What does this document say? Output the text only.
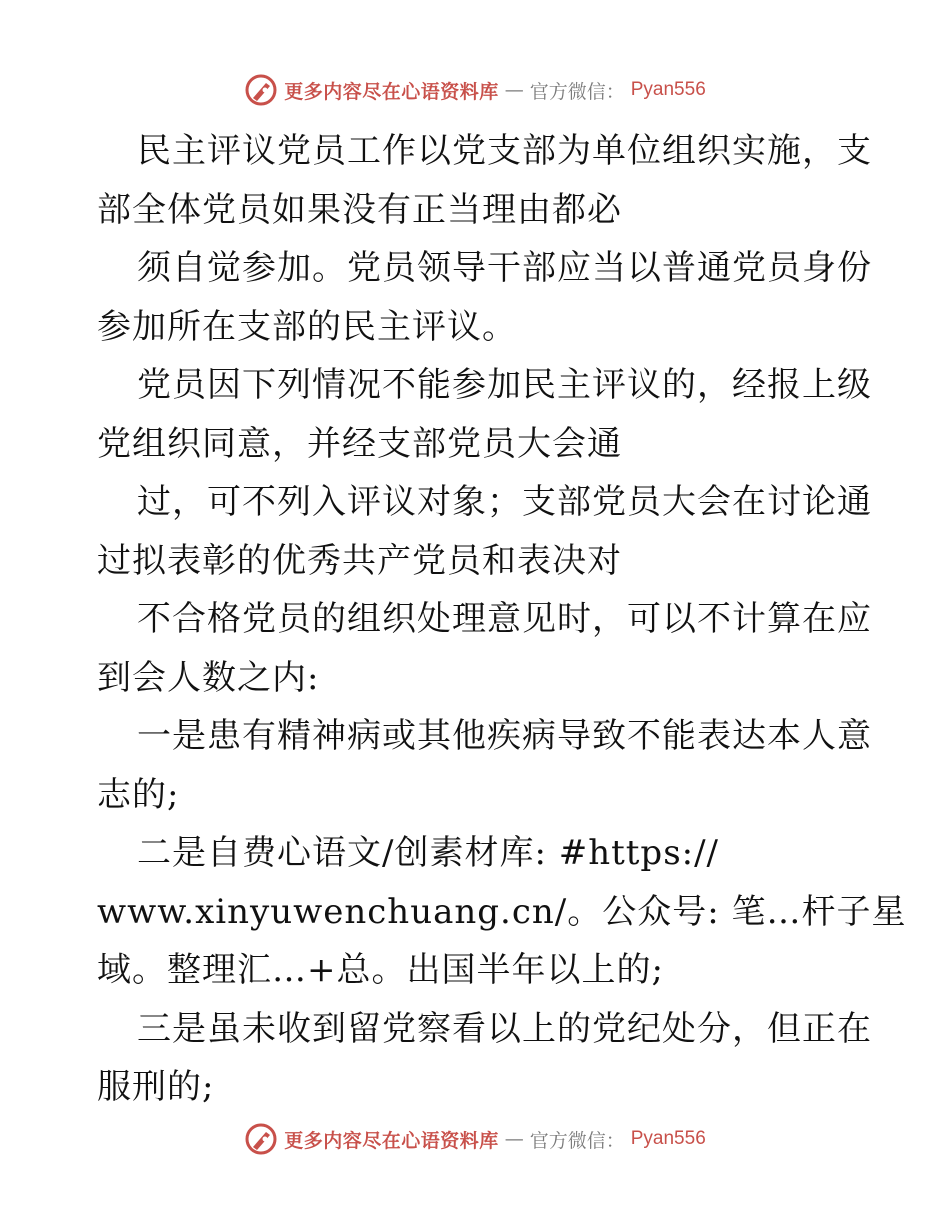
更多内容尽在心语资料库 — 官方微信： Pyan556
民主评议党员工作以党支部为单位组织实施，支
部全体党员如果没有正当理由都必
须自觉参加。党员领导干部应当以普通党员身份
参加所在支部的民主评议。
党员因下列情况不能参加民主评议的，经报上级
党组织同意，并经支部党员大会通
过，可不列入评议对象；支部党员大会在讨论通
过拟表彰的优秀共产党员和表决对
不合格党员的组织处理意见时，可以不计算在应
到会人数之内:
一是患有精神病或其他疾病导致不能表达本人意
志的;
二是自费心语文/创素材库: #https://
www.xinyuwenchuang.cn/。公众号: 笔…杆子星
域。整理汇…+总。出国半年以上的;
三是虽未收到留党察看以上的党纪处分，但正在
服刑的;
更多内容尽在心语资料库 — 官方微信： Pyan556
